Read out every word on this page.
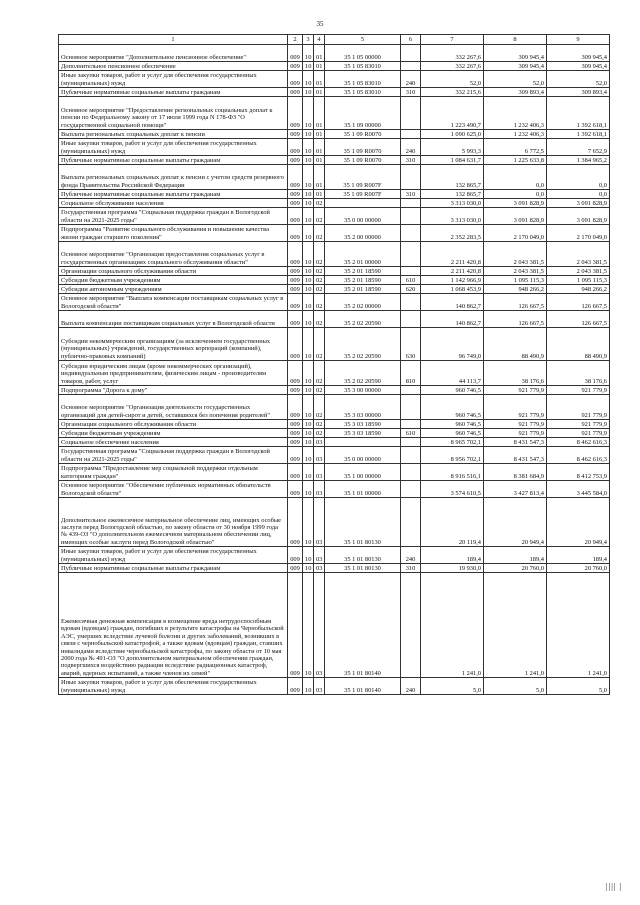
35
1	2	3	4	5	6	7	8	9
Основное мероприятие "Дополнительное пенсионное обеспечение"	009	10	01	35 1 05 00000		332 267,6	309 945,4	309 945,4
Дополнительное пенсионное обеспечение	009	10	01	35 1 05 83010		332 267,6	309 945,4	309 945,4
Иные закупки товаров, работ и услуг для обеспечения государственных (муниципальных) нужд	009	10	01	35 1 05 83010	240	52,0	52,0	52,0
Публичные нормативные социальные выплаты гражданам	009	10	01	35 1 05 83010	310	332 215,6	309 893,4	309 893,4
Основное мероприятие "Предоставление региональных социальных доплат к пенсии по Федеральному закону от 17 июля 1999 года N 178-ФЗ "О государственной социальной помощи"	009	10	01	35 1 09 00000		1 223 490,7	1 232 406,3	1 392 618,1
Выплата региональных социальных доплат к пенсии	009	10	01	35 1 09 R0070		1 090 625,0	1 232 406,3	1 392 618,1
Иные закупки товаров, работ и услуг для обеспечения государственных (муниципальных) нужд	009	10	01	35 1 09 R0070	240	5 993,3	6 772,5	7 652,9
Публичные нормативные социальные выплаты гражданам	009	10	01	35 1 09 R0070	310	1 084 631,7	1 225 633,8	1 384 965,2
Выплата региональных социальных доплат к пенсии с учетом средств резервного фонда Правительства Российской Федерации	009	10	01	35 1 09 R007F		132 865,7	0,0	0,0
Публичные нормативные социальные выплаты гражданам	009	10	01	35 1 09 R007F	310	132 865,7	0,0	0,0
Социальное обслуживание населения	009	10	02			3 313 030,0	3 091 828,9	3 091 828,9
Государственная программа "Социальная поддержка граждан в Вологодской области на 2021-2025 годы"	009	10	02	35 0 00 00000		3 313 030,0	3 091 828,9	3 091 828,9
Подпрограмма "Развитие социального обслуживания и повышение качества жизни граждан старшего поколения"	009	10	02	35 2 00 00000		2 352 283,5	2 170 049,0	2 170 049,0
Основное мероприятие "Организация предоставления социальных услуг в государственных организациях социального обслуживания области"	009	10	02	35 2 01 00000		2 211 420,8	2 043 381,5	2 043 381,5
Организации социального обслуживания области	009	10	02	35 2 01 18590		2 211 420,8	2 043 381,5	2 043 381,5
Субсидии бюджетным учреждениям	009	10	02	35 2 01 18590	610	1 142 966,9	1 095 115,3	1 095 115,3
Субсидии автономным учреждениям	009	10	02	35 2 01 18590	620	1 068 453,9	948 266,2	948 266,2
Основное мероприятие "Выплата компенсации поставщикам социальных услуг в Вологодской области"	009	10	02	35 2 02 00000		140 862,7	126 667,5	126 667,5
Выплата компенсации поставщикам социальных услуг в Вологодской области	009	10	02	35 2 02 20590		140 862,7	126 667,5	126 667,5
Субсидии некоммерческим организациям (за исключением государственных (муниципальных) учреждений, государственных корпораций (компаний), публично-правовых компаний)	009	10	02	35 2 02 20590	630	96 749,0	88 490,9	88 490,9
Субсидии юридическим лицам (кроме некоммерческих организаций), индивидуальным предпринимателям, физическим лицам - производителям товаров, работ, услуг	009	10	02	35 2 02 20590	810	44 113,7	38 176,6	38 176,6
Подпрограмма "Дорога к дому"	009	10	02	35 3 00 00000		960 746,5	921 779,9	921 779,9
Основное мероприятие "Организация деятельности государственных организаций для детей-сирот и детей, оставшихся без попечения родителей"	009	10	02	35 3 03 00000		960 746,5	921 779,9	921 779,9
Организации социального обслуживания области	009	10	02	35 3 03 18590		960 746,5	921 779,9	921 779,9
Субсидии бюджетным учреждениям	009	10	02	35 3 03 18590	610	960 746,5	921 779,9	921 779,9
Социальное обеспечение населения	009	10	03			8 965 702,1	8 431 547,3	8 462 616,3
Государственная программа "Социальная поддержка граждан в Вологодской области на 2021-2025 годы"	009	10	03	35 0 00 00000		8 956 702,1	8 431 547,3	8 462 616,3
Подпрограмма "Предоставление мер социальной поддержки отдельным категориям граждан"	009	10	03	35 1 00 00000		8 916 516,1	8 381 684,9	8 412 753,9
Основное мероприятие "Обеспечение публичных нормативных обязательств Вологодской области"	009	10	03	35 1 01 00000		3 574 610,5	3 427 813,4	3 445 584,0
Дополнительное ежемесячное материальное обеспечение лиц, имеющих особые заслуги перед Вологодской областью, по закону области от 30 ноября 1999 года № 439-ОЗ "О дополнительном ежемесячном материальном обеспечении лиц, имеющих особые заслуги перед Вологодской областью"	009	10	03	35 1 01 80130		20 119,4	20 949,4	20 949,4
Иные закупки товаров, работ и услуг для обеспечения государственных (муниципальных) нужд	009	10	03	35 1 01 80130	240	189,4	189,4	189,4
Публичные нормативные социальные выплаты гражданам	009	10	03	35 1 01 80130	310	19 930,0	20 760,0	20 760,0
Ежемесячная денежная компенсация в возмещение вреда нетрудоспособным вдовам (вдовцам) граждан, погибших в результате катастрофы на Чернобыльской АЭС, умерших вследствие лучевой болезни и других заболеваний, возникших в связи с чернобыльской катастрофой, а также вдовам (вдовцам) граждан, ставших инвалидами вследствие чернобыльской катастрофы, по закону области от 10 мая 2000 года № 491-ОЗ "О дополнительном материальном обеспечении граждан, подвергшихся воздействию радиации вследствие радиационных катастроф, аварий, ядерных испытаний, а также членов их семей"	009	10	03	35 1 01 80140		1 241,0	1 241,0	1 241,0
Иные закупки товаров, работ и услуг для обеспечения государственных (муниципальных) нужд	009	10	03	35 1 01 80140	240	5,0	5,0	5,0
|||| |
